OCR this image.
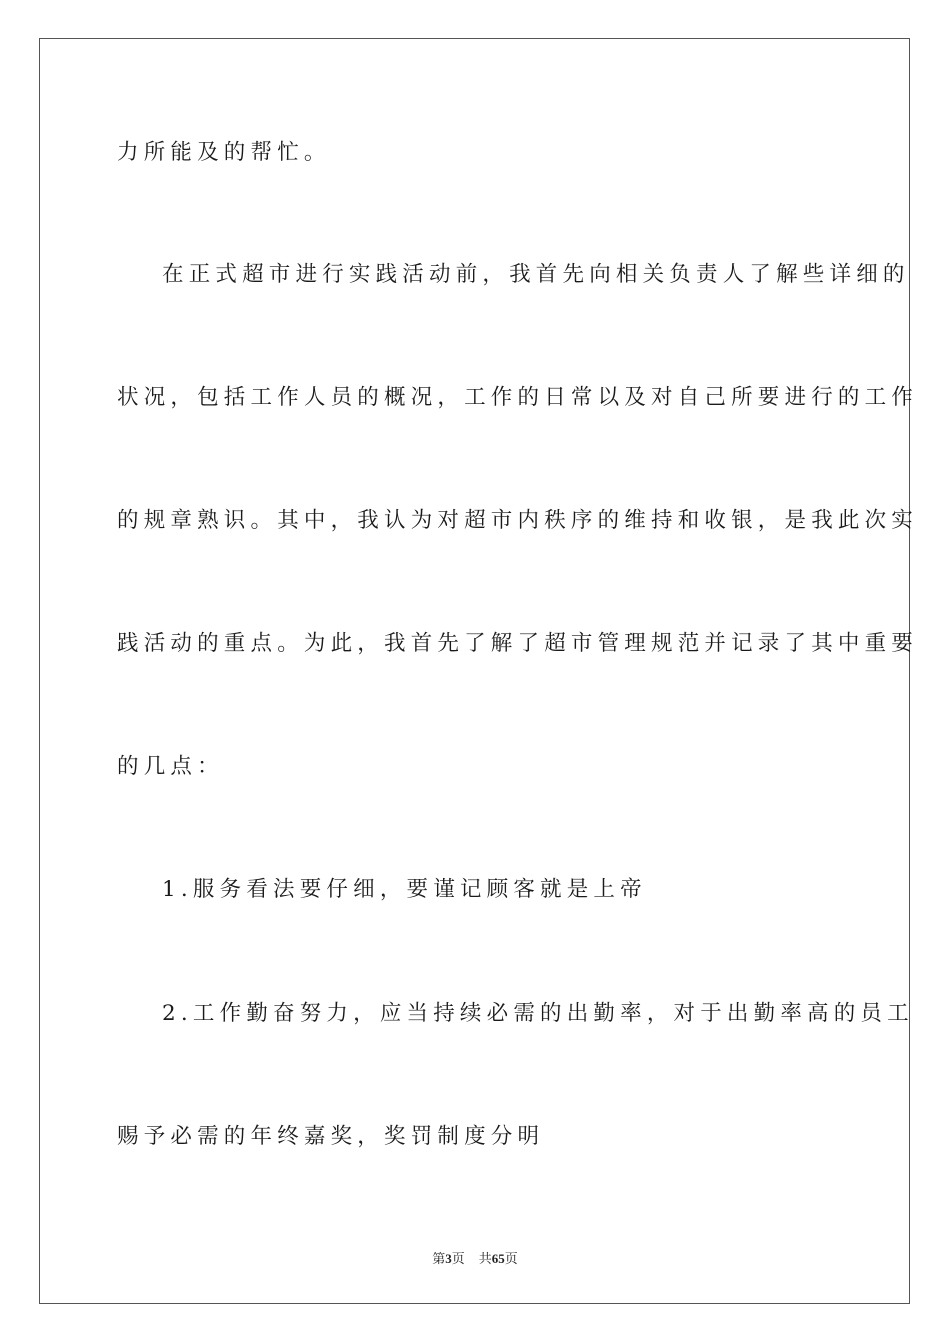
力所能及的帮忙。
在正式超市进行实践活动前，我首先向相关负责人了解些详细的
状况，包括工作人员的概况，工作的日常以及对自己所要进行的工作
的规章熟识。其中，我认为对超市内秩序的维持和收银，是我此次实
践活动的重点。为此，我首先了解了超市管理规范并记录了其中重要
的几点：
1.服务看法要仔细，要谨记顾客就是上帝
2.工作勤奋努力，应当持续必需的出勤率，对于出勤率高的员工
赐予必需的年终嘉奖，奖罚制度分明
第3页 共65页
